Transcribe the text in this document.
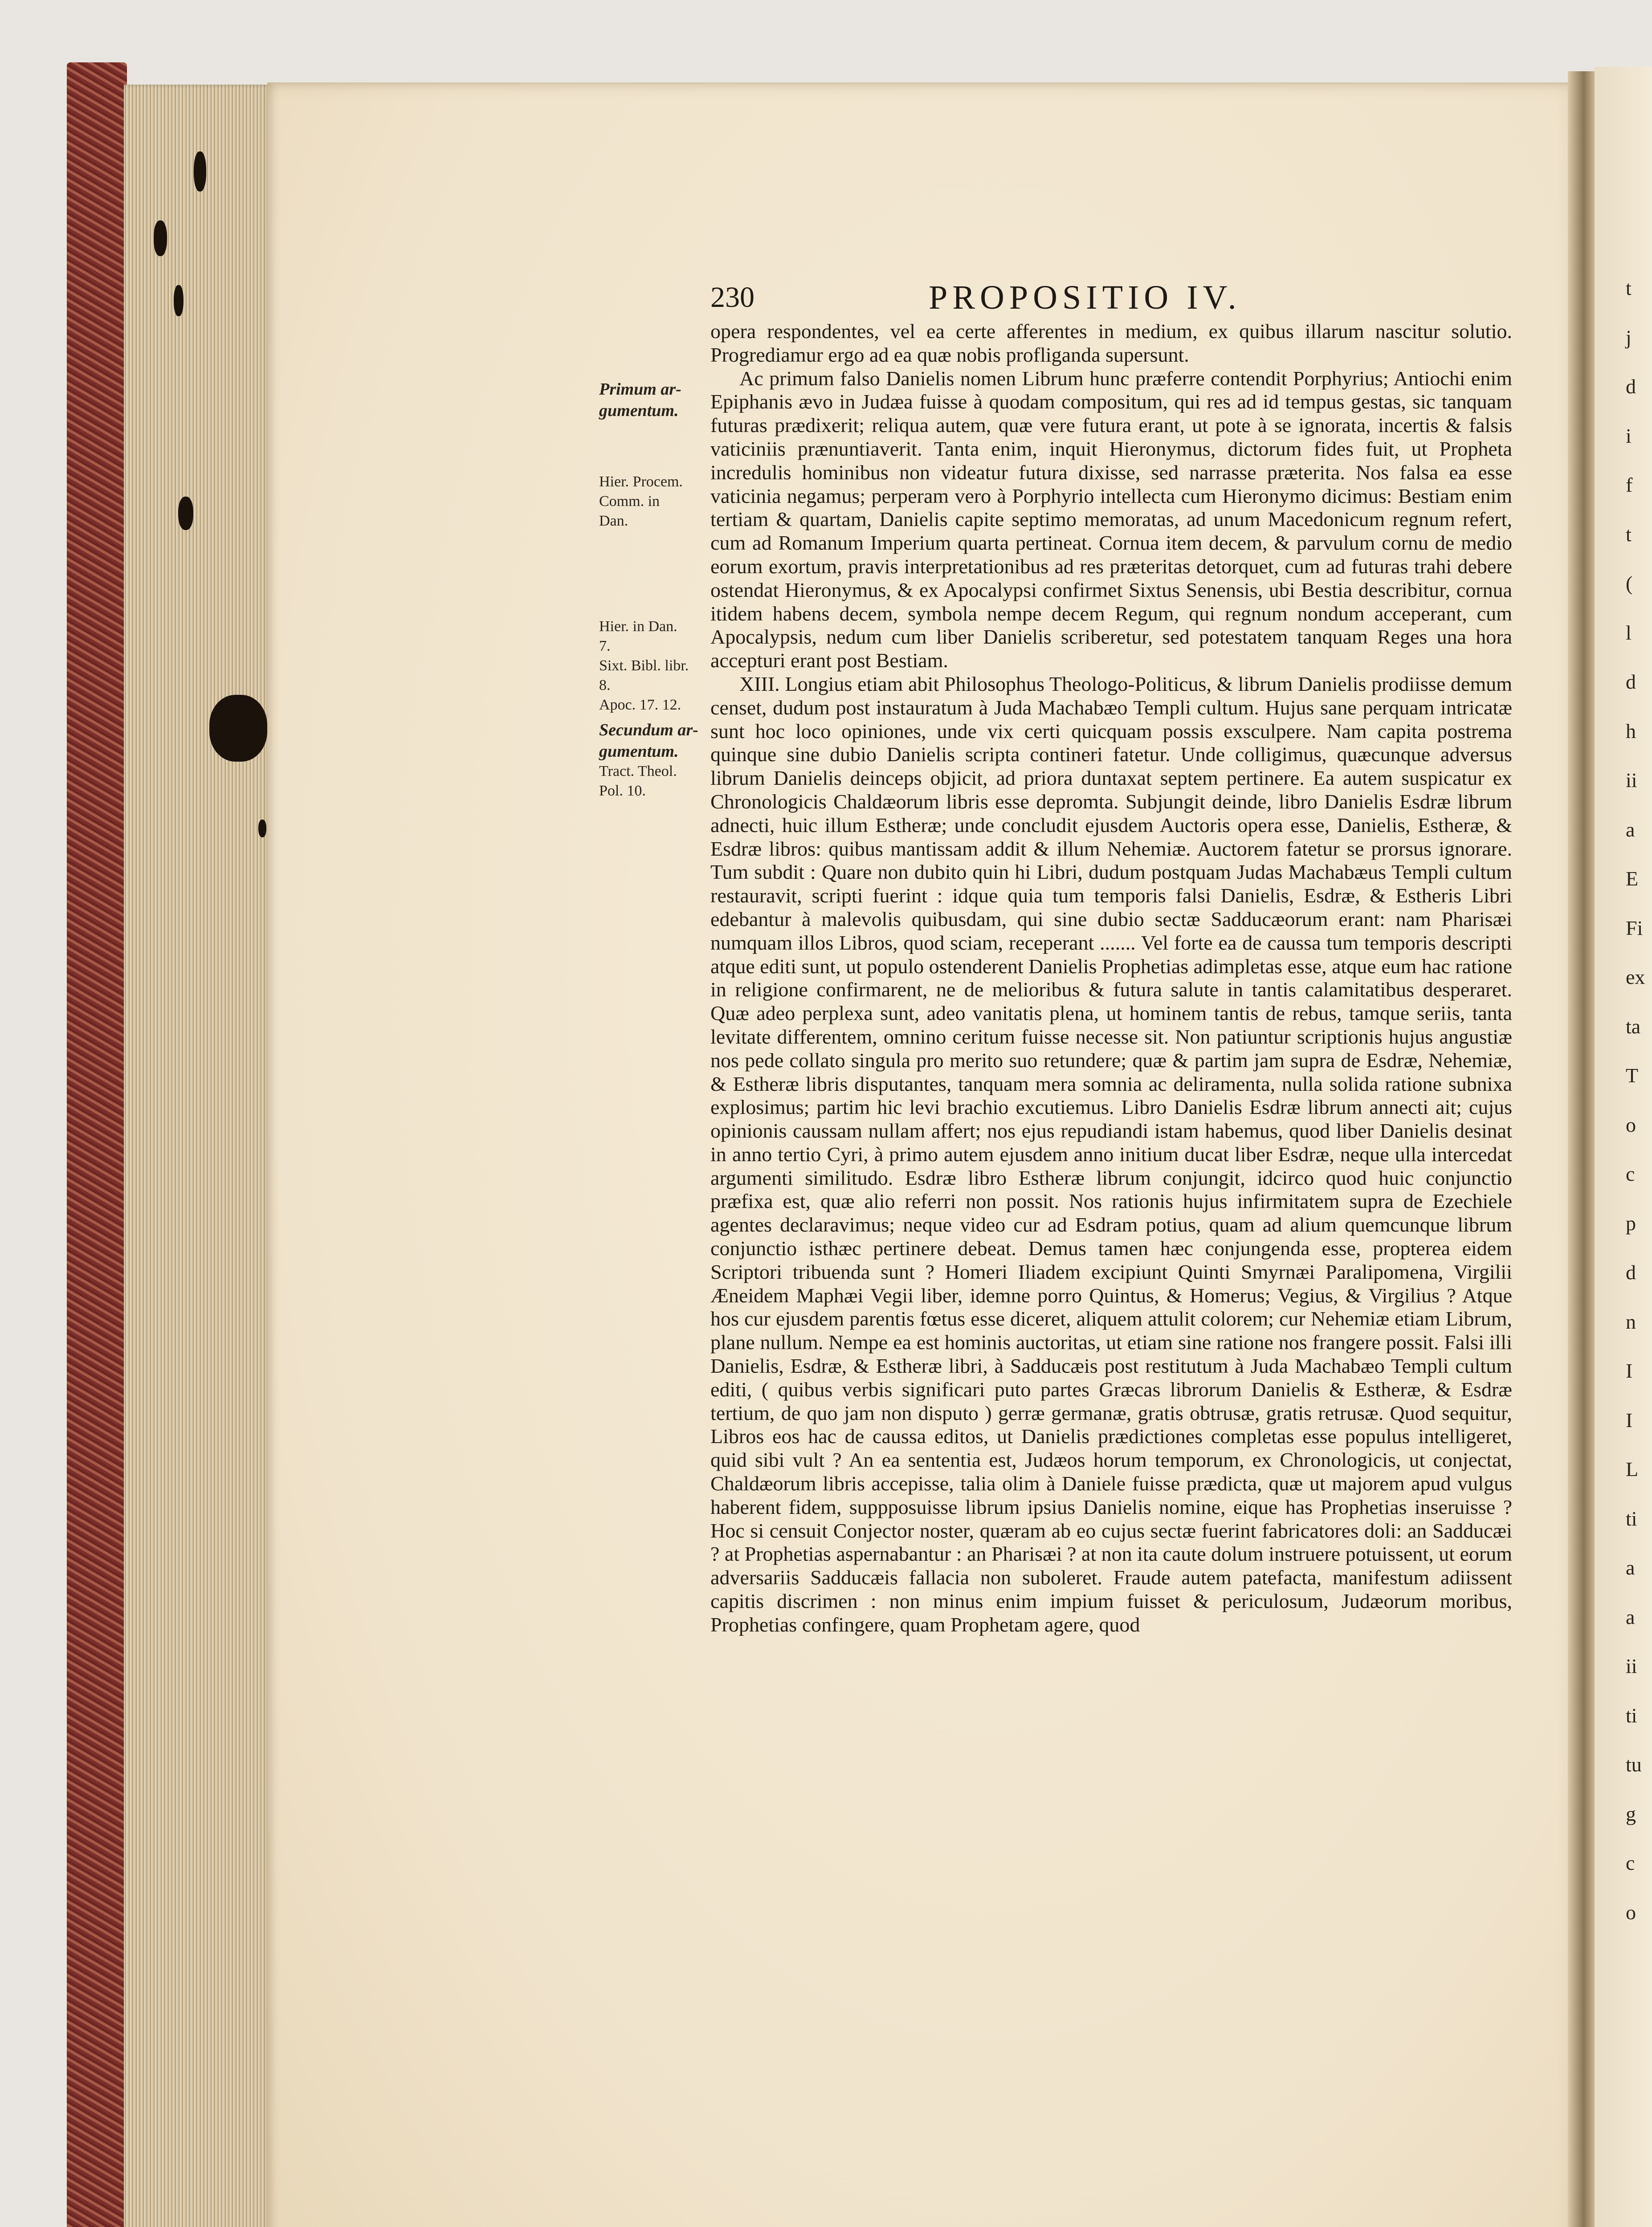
t
j
d
i
f
t
(
l
d
h
ii
a
E
Fi
ex
ta
T
o
c
p
d
n
I
I
L
ti
a
a
ii
ti
tu
g
c
o
230	PROPOSITIO IV.
Primum ar-
gumentum.
Hier. Procem.
Comm. in
Dan.
Hier. in Dan.
7.
Sixt. Bibl. libr.
8.
Apoc. 17. 12.
Secundum ar-
gumentum.
Tract. Theol.
Pol. 10.

opera respondentes, vel ea certe afferentes in medium, ex quibus illarum nascitur solutio. Progrediamur ergo ad ea quæ nobis profliganda supersunt.

Ac primum falso Danielis nomen Librum hunc præferre contendit Porphyrius; Antiochi enim Epiphanis ævo in Judæa fuisse à quodam compositum, qui res ad id tempus gestas, sic tanquam futuras prædixerit; reliqua autem, quæ vere futura erant, ut pote à se ignorata, incertis & falsis vaticiniis prænuntiaverit. Tanta enim, inquit Hieronymus, dictorum fides fuit, ut Propheta incredulis hominibus non videatur futura dixisse, sed narrasse præterita. Nos falsa ea esse vaticinia negamus; perperam vero à Porphyrio intellecta cum Hieronymo dicimus: Bestiam enim tertiam & quartam, Danielis capite septimo memoratas, ad unum Macedonicum regnum refert, cum ad Romanum Imperium quarta pertineat. Cornua item decem, & parvulum cornu de medio eorum exortum, pravis interpretationibus ad res præteritas detorquet, cum ad futuras trahi debere ostendat Hieronymus, & ex Apocalypsi confirmet Sixtus Senensis, ubi Bestia describitur, cornua itidem habens decem, symbola nempe decem Regum, qui regnum nondum acceperant, cum Apocalypsis, nedum cum liber Danielis scriberetur, sed potestatem tanquam Reges una hora accepturi erant post Bestiam.

XIII. Longius etiam abit Philosophus Theologo-Politicus, & librum Danielis prodiisse demum censet, dudum post instauratum à Juda Machabæo Templi cultum. Hujus sane perquam intricatæ sunt hoc loco opiniones, unde vix certi quicquam possis exsculpere. Nam capita postrema quinque sine dubio Danielis scripta contineri fatetur. Unde colligimus, quæcunque adversus librum Danielis deinceps objicit, ad priora duntaxat septem pertinere. Ea autem suspicatur ex Chronologicis Chaldæorum libris esse depromta. Subjungit deinde, libro Danielis Esdræ librum adnecti, huic illum Estheræ; unde concludit ejusdem Auctoris opera esse, Danielis, Estheræ, & Esdræ libros: quibus mantissam addit & illum Nehemiæ. Auctorem fatetur se prorsus ignorare. Tum subdit : Quare non dubito quin hi Libri, dudum postquam Judas Machabæus Templi cultum restauravit, scripti fuerint : idque quia tum temporis falsi Danielis, Esdræ, & Estheris Libri edebantur à malevolis quibusdam, qui sine dubio sectæ Sadducæorum erant: nam Pharisæi numquam illos Libros, quod sciam, receperant ....... Vel forte ea de caussa tum temporis descripti atque editi sunt, ut populo ostenderent Danielis Prophetias adimpletas esse, atque eum hac ratione in religione confirmarent, ne de melioribus & futura salute in tantis calamitatibus desperaret. Quæ adeo perplexa sunt, adeo vanitatis plena, ut hominem tantis de rebus, tamque seriis, tanta levitate differentem, omnino ceritum fuisse necesse sit. Non patiuntur scriptionis hujus angustiæ nos pede collato singula pro merito suo retundere; quæ & partim jam supra de Esdræ, Nehemiæ, & Estheræ libris disputantes, tanquam mera somnia ac deliramenta, nulla solida ratione subnixa explosimus; partim hic levi brachio excutiemus. Libro Danielis Esdræ librum annecti ait; cujus opinionis caussam nullam affert; nos ejus repudiandi istam habemus, quod liber Danielis desinat in anno tertio Cyri, à primo autem ejusdem anno initium ducat liber Esdræ, neque ulla intercedat argumenti similitudo. Esdræ libro Estheræ librum conjungit, idcirco quod huic conjunctio præfixa est, quæ alio referri non possit. Nos rationis hujus infirmitatem supra de Ezechiele agentes declaravimus; neque video cur ad Esdram potius, quam ad alium quemcunque librum conjunctio isthæc pertinere debeat. Demus tamen hæc conjungenda esse, propterea eidem Scriptori tribuenda sunt ? Homeri Iliadem excipiunt Quinti Smyrnæi Paralipomena, Virgilii Æneidem Maphæi Vegii liber, idemne porro Quintus, & Homerus; Vegius, & Virgilius ? Atque hos cur ejusdem parentis fœtus esse diceret, aliquem attulit colorem; cur Nehemiæ etiam Librum, plane nullum. Nempe ea est hominis auctoritas, ut etiam sine ratione nos frangere possit. Falsi illi Danielis, Esdræ, & Estheræ libri, à Sadducæis post restitutum à Juda Machabæo Templi cultum editi, ( quibus verbis significari puto partes Græcas librorum Danielis & Estheræ, & Esdræ tertium, de quo jam non disputo ) gerræ germanæ, gratis obtrusæ, gratis retrusæ. Quod sequitur, Libros eos hac de caussa editos, ut Danielis prædictiones completas esse populus intelligeret, quid sibi vult ? An ea sententia est, Judæos horum temporum, ex Chronologicis, ut conjectat, Chaldæorum libris accepisse, talia olim à Daniele fuisse prædicta, quæ ut majorem apud vulgus haberent fidem, suppposuisse librum ipsius Danielis nomine, eique has Prophetias inseruisse ? Hoc si censuit Conjector noster, quæram ab eo cujus sectæ fuerint fabricatores doli: an Sadducæi ? at Prophetias aspernabantur : an Pharisæi ? at non ita caute dolum instruere potuissent, ut eorum adversariis Sadducæis fallacia non suboleret. Fraude autem patefacta, manifestum adiissent capitis discrimen : non minus enim impium fuisset & periculosum, Judæorum moribus, Prophetias confingere, quam Prophetam agere, quod
